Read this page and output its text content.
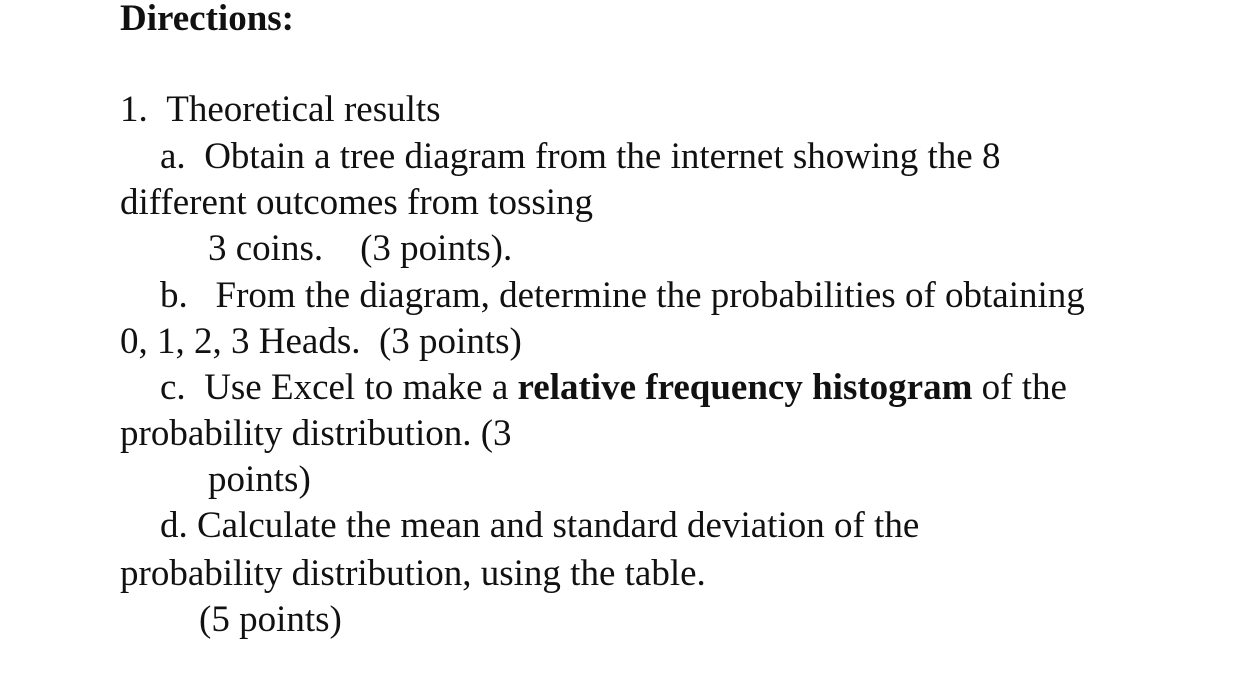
Directions:
1. Theoretical results
a. Obtain a tree diagram from the internet showing the 8
different outcomes from tossing
3 coins.    (3 points).
b. From the diagram, determine the probabilities of obtaining
0, 1, 2, 3 Heads.  (3 points)
c. Use Excel to make a relative frequency histogram of the
probability distribution. (3
points)
d. Calculate the mean and standard deviation of the
probability distribution, using the table.
(5 points)
